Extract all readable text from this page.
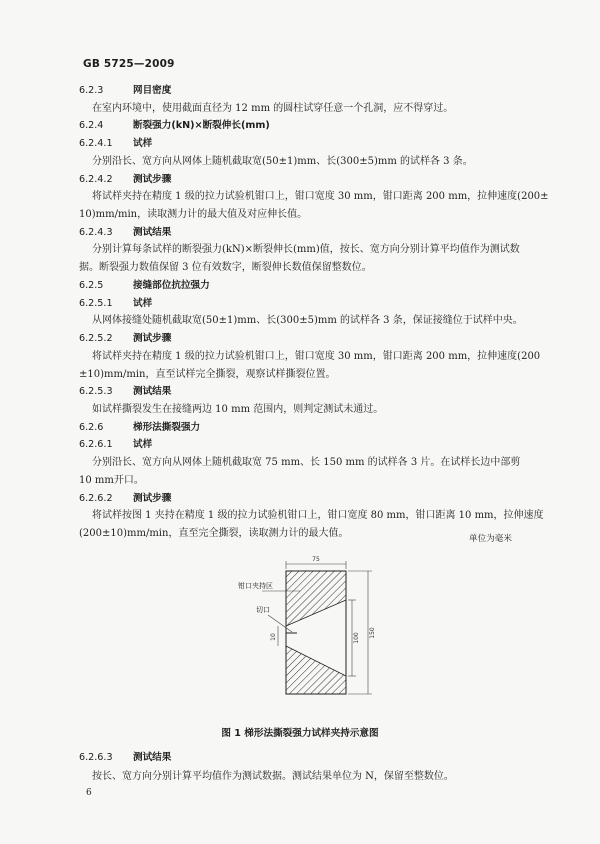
GB 5725—2009
6.2.3	网目密度
在室内环境中，使用截面直径为 12 mm 的圆柱试穿任意一个孔洞，应不得穿过。
6.2.4	断裂强力(kN)×断裂伸长(mm)
6.2.4.1 试样
分别沿长、宽方向从网体上随机截取宽(50±1)mm、长(300±5)mm 的试样各 3 条。
6.2.4.2 测试步骤
将试样夹持在精度 1 级的拉力试验机钳口上，钳口宽度 30 mm，钳口距离 200 mm，拉伸速度(200±
10)mm/min，读取测力计的最大值及对应伸长值。
6.2.4.3 测试结果
分别计算每条试样的断裂强力(kN)×断裂伸长(mm)值，按长、宽方向分别计算平均值作为测试数
据。断裂强力数值保留 3 位有效数字，断裂伸长数值保留整数位。
6.2.5	接缝部位抗拉强力
6.2.5.1 试样
从网体接缝处随机截取宽(50±1)mm、长(300±5)mm 的试样各 3 条，保证接缝位于试样中央。
6.2.5.2 测试步骤
将试样夹持在精度 1 级的拉力试验机钳口上，钳口宽度 30 mm，钳口距离 200 mm，拉伸速度(200
±10)mm/min，直至试样完全撕裂，观察试样撕裂位置。
6.2.5.3 测试结果
如试样撕裂发生在接缝两边 10 mm 范围内，则判定测试未通过。
6.2.6	梯形法撕裂强力
6.2.6.1 试样
分别沿长、宽方向从网体上随机截取宽 75 mm、长 150 mm 的试样各 3 片。在试样长边中部剪
10 mm开口。
6.2.6.2 测试步骤
将试样按图 1 夹持在精度 1 级的拉力试验机钳口上，钳口宽度 80 mm，钳口距离 10 mm，拉伸速度
(200±10)mm/min，直至完全撕裂，读取测力计的最大值。	单位为毫米
75
100 150
10
钳口夹持区
切口
图 1 梯形法撕裂强力试样夹持示意图
6.2.6.3 测试结果
按长、宽方向分别计算平均值作为测试数据。测试结果单位为 N，保留至整数位。
6
